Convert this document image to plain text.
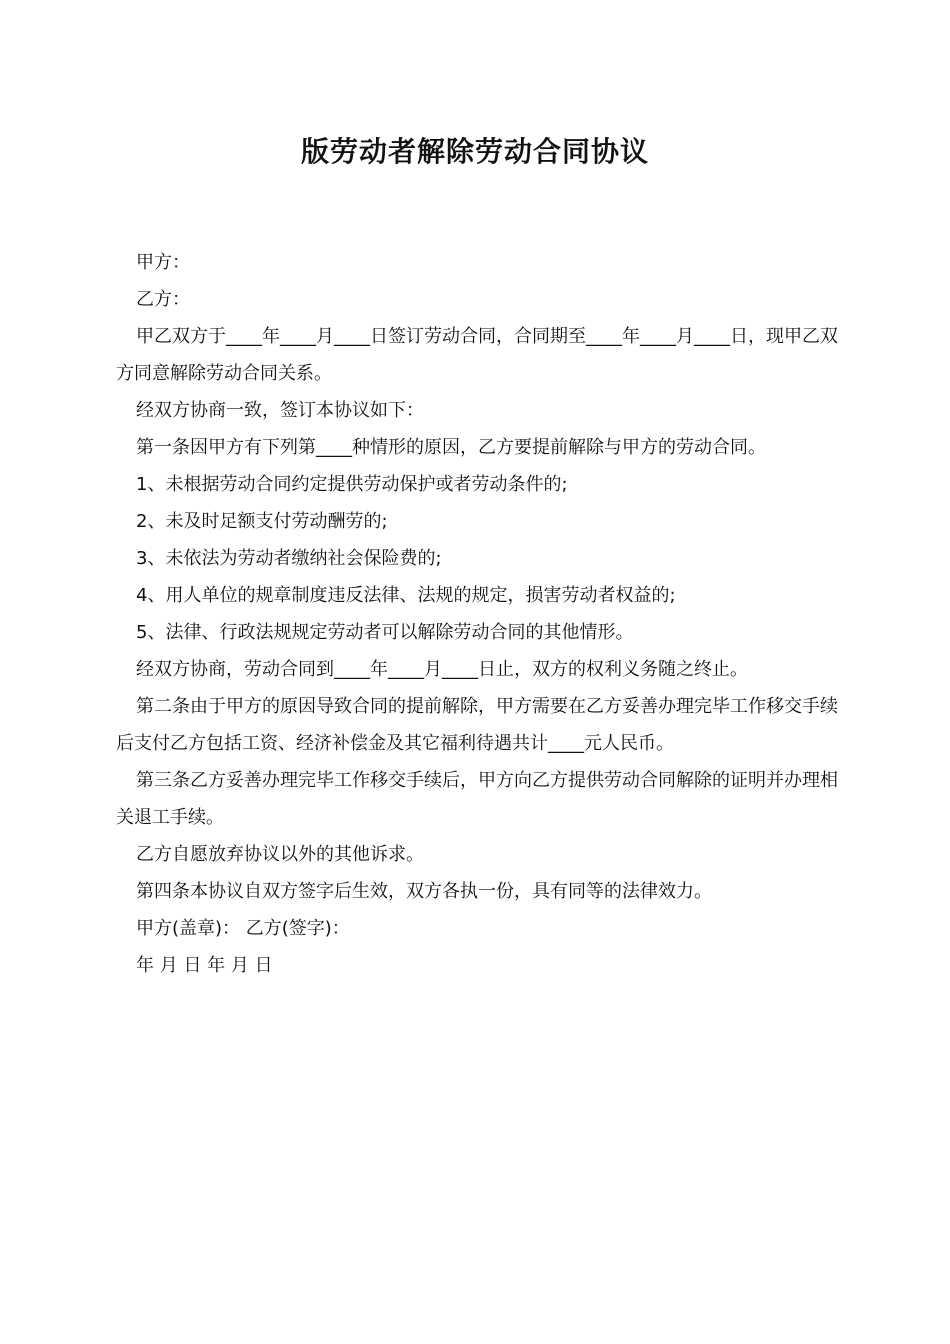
版劳动者解除劳动合同协议

甲方：

乙方：

甲乙双方于____年____月____日签订劳动合同，合同期至____年____月____日，现甲乙双方同意解除劳动合同关系。

经双方协商一致，签订本协议如下：

第一条因甲方有下列第____种情形的原因，乙方要提前解除与甲方的劳动合同。

1、未根据劳动合同约定提供劳动保护或者劳动条件的;

2、未及时足额支付劳动酬劳的;

3、未依法为劳动者缴纳社会保险费的;

4、用人单位的规章制度违反法律、法规的规定，损害劳动者权益的;

5、法律、行政法规规定劳动者可以解除劳动合同的其他情形。

经双方协商，劳动合同到____年____月____日止，双方的权利义务随之终止。

第二条由于甲方的原因导致合同的提前解除，甲方需要在乙方妥善办理完毕工作移交手续后支付乙方包括工资、经济补偿金及其它福利待遇共计____元人民币。

第三条乙方妥善办理完毕工作移交手续后，甲方向乙方提供劳动合同解除的证明并办理相关退工手续。

乙方自愿放弃协议以外的其他诉求。

第四条本协议自双方签字后生效，双方各执一份，具有同等的法律效力。

甲方(盖章)： 乙方(签字)：

年 月 日 年 月 日
